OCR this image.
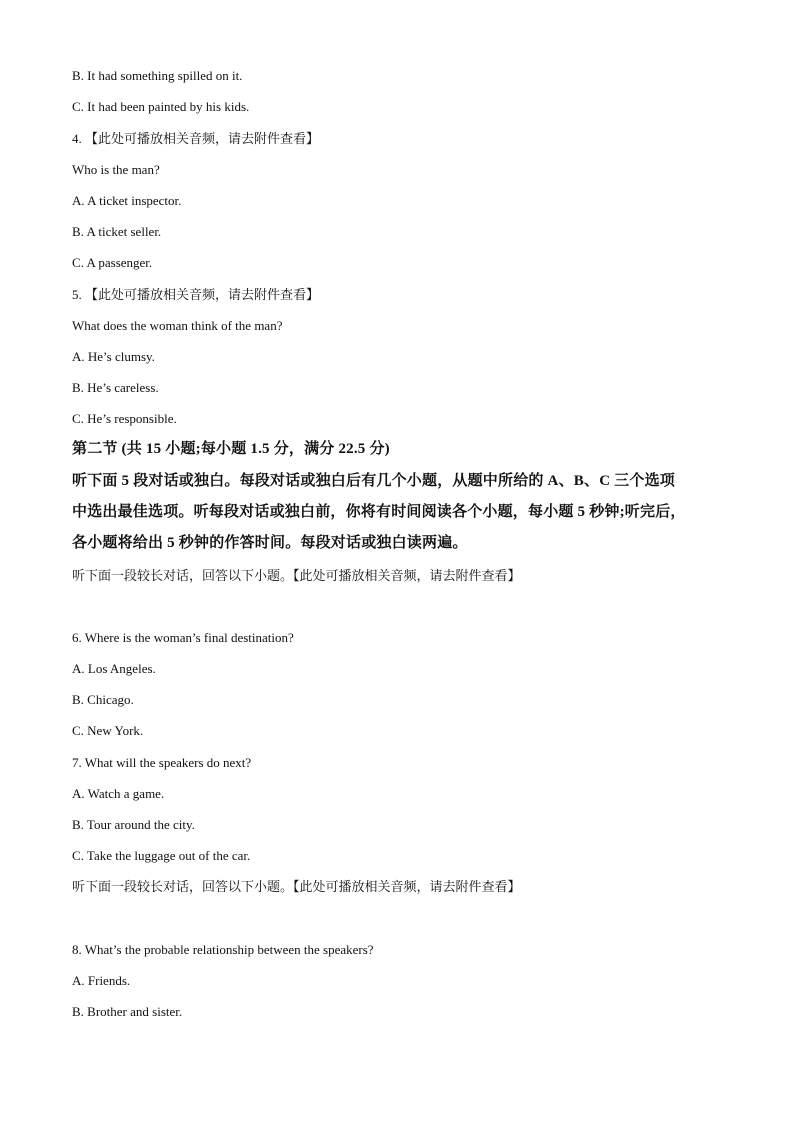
B. It had something spilled on it.
C. It had been painted by his kids.
4. 【此处可播放相关音频，请去附件查看】
Who is the man?
A. A ticket inspector.
B. A ticket seller.
C. A passenger.
5. 【此处可播放相关音频，请去附件查看】
What does the woman think of the man?
A. He’s clumsy.
B. He’s careless.
C. He’s responsible.
第二节 (共 15 小题;每小题 1.5 分，满分 22.5 分)
听下面 5 段对话或独白。每段对话或独白后有几个小题，从题中所给的 A、B、C 三个选项
中选出最佳选项。听每段对话或独白前，你将有时间阅读各个小题，每小题 5 秒钟;听完后，
各小题将给出 5 秒钟的作答时间。每段对话或独白读两遍。
听下面一段较长对话，回答以下小题。【此处可播放相关音频，请去附件查看】
6. Where is the woman’s final destination?
A. Los Angeles.
B. Chicago.
C. New York.
7. What will the speakers do next?
A. Watch a game.
B. Tour around the city.
C. Take the luggage out of the car.
听下面一段较长对话，回答以下小题。【此处可播放相关音频，请去附件查看】
8. What’s the probable relationship between the speakers?
A. Friends.
B. Brother and sister.
